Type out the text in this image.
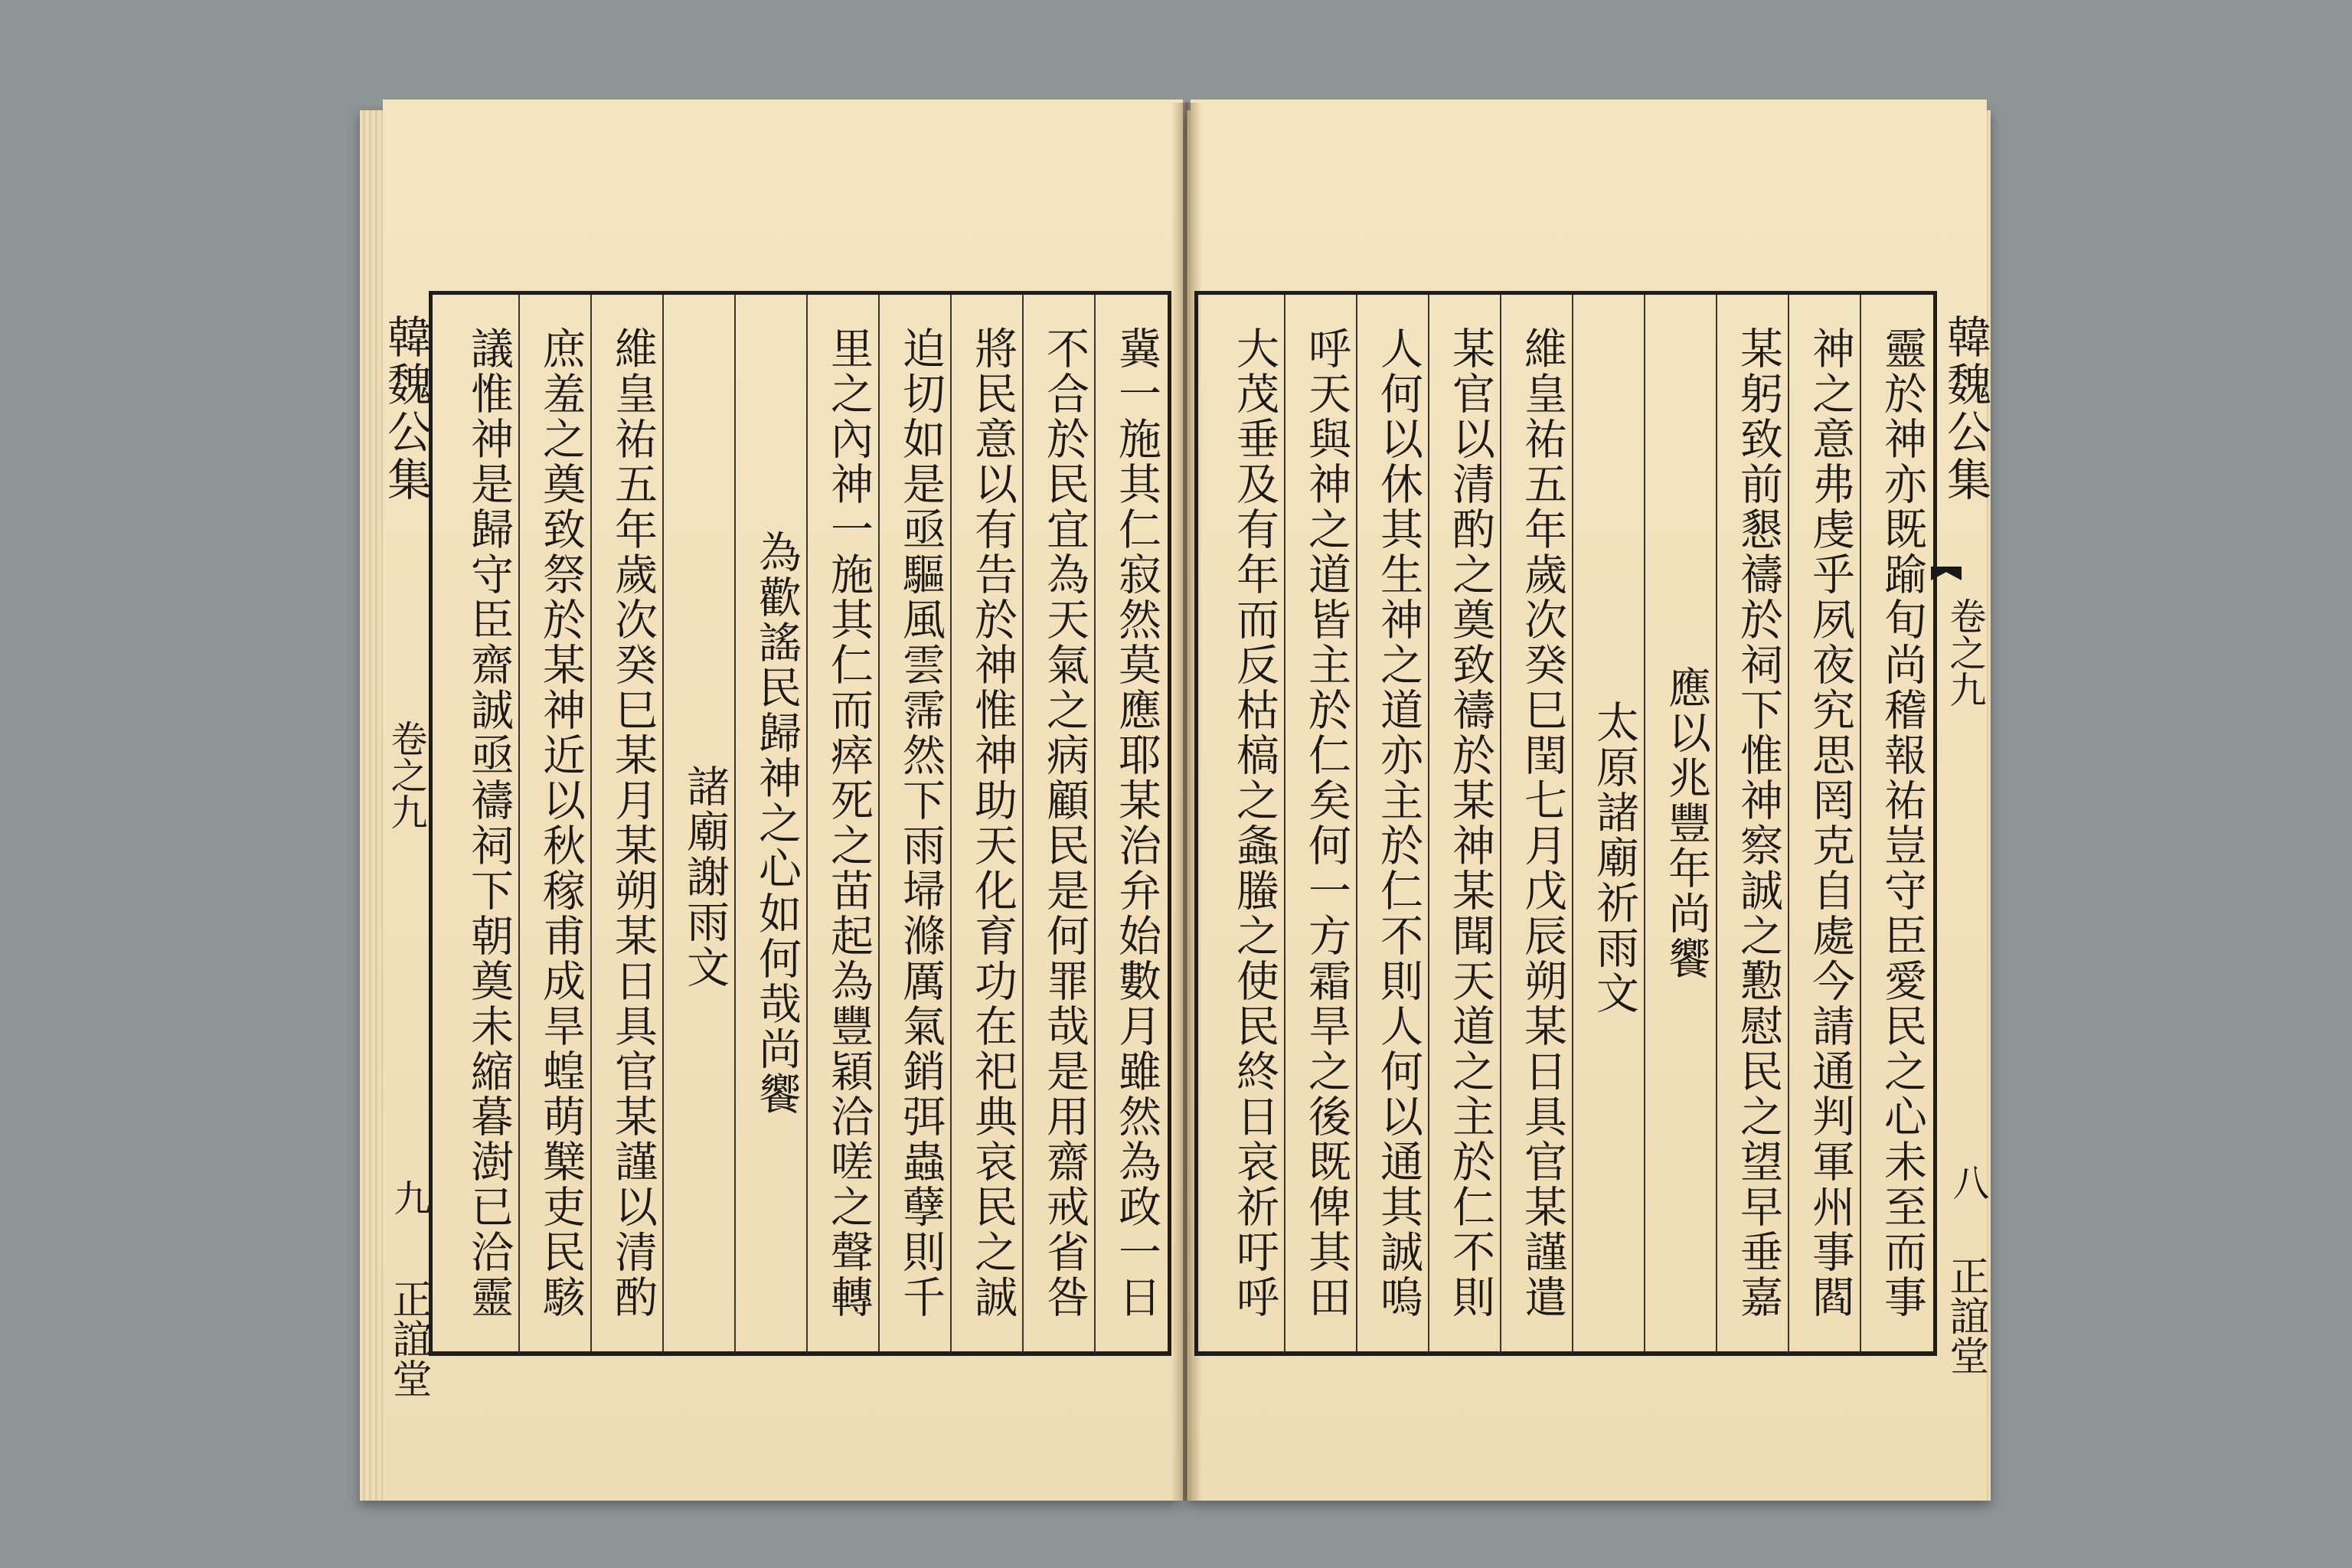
韓魏公集
卷之九
九
正誼堂
冀一施其仁寂然莫應耶某治弁始數月雖然為政一日
不合於民宜為天氣之病顧民是何罪哉是用齋戒省咎
將民意以有告於神惟神助天化育功在祀典哀民之誠
迫切如是亟驅風雲霈然下雨埽滌厲氣銷弭蟲孽則千
里之內神一施其仁而瘁死之苗起為豐穎洽嗟之聲轉
為歡謠民歸神之心如何哉尚饗
諸廟謝雨文
維皇祐五年歲次癸巳某月某朔某日具官某謹以清酌
庶羞之奠致祭於某神近以秋稼甫成旱蝗萌櫱吏民駭
議惟神是歸守臣齋誠亟禱祠下朝奠未縮暮澍已洽靈	靈於神亦既踰旬尚稽報祐豈守臣愛民之心未至而事
神之意弗虔乎夙夜究思罔克自處今請通判軍州事閻
某躬致前懇禱於祠下惟神察誠之懃慰民之望早垂嘉
應以兆豐年尚饗
太原諸廟祈雨文
維皇祐五年歲次癸巳閏七月戊辰朔某日具官某謹遣
某官以清酌之奠致禱於某神某聞天道之主於仁不則
人何以休其生神之道亦主於仁不則人何以通其誠嗚
呼天與神之道皆主於仁矣何一方霜旱之後既俾其田
大茂垂及有年而反枯槁之螽螣之使民終日哀祈吁呼	韓魏公集
卷之九
八
正誼堂
